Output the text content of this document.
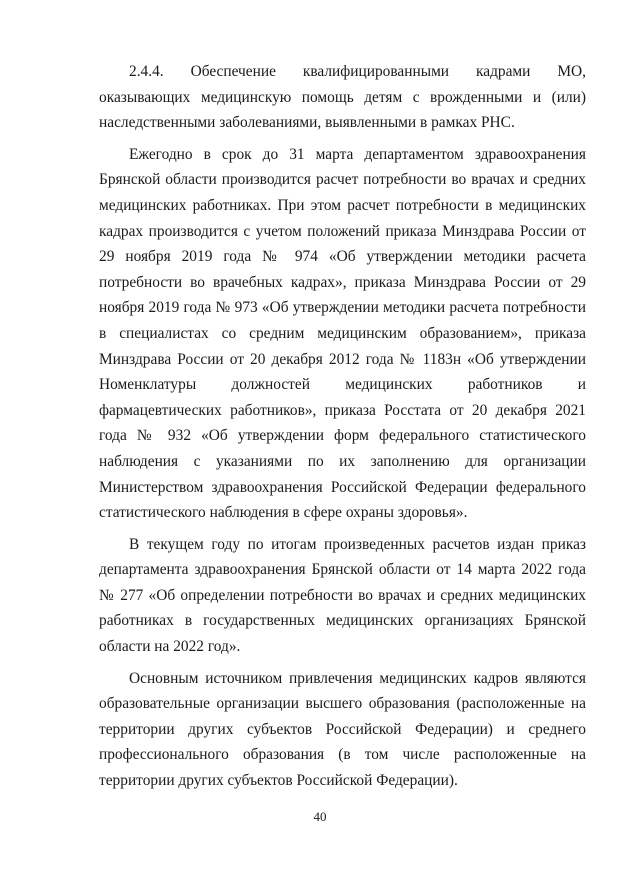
2.4.4. Обеспечение квалифицированными кадрами МО, оказывающих медицинскую помощь детям с врожденными и (или) наследственными заболеваниями, выявленными в рамках РНС.

Ежегодно в срок до 31 марта департаментом здравоохранения Брянской области производится расчет потребности во врачах и средних медицинских работниках. При этом расчет потребности в медицинских кадрах производится с учетом положений приказа Минздрава России от 29 ноября 2019 года № 974 «Об утверждении методики расчета потребности во врачебных кадрах», приказа Минздрава России от 29 ноября 2019 года № 973 «Об утверждении методики расчета потребности в специалистах со средним медицинским образованием», приказа Минздрава России от 20 декабря 2012 года № 1183н «Об утверждении Номенклатуры должностей медицинских работников и фармацевтических работников», приказа Росстата от 20 декабря 2021 года № 932 «Об утверждении форм федерального статистического наблюдения с указаниями по их заполнению для организации Министерством здравоохранения Российской Федерации федерального статистического наблюдения в сфере охраны здоровья».

В текущем году по итогам произведенных расчетов издан приказ департамента здравоохранения Брянской области от 14 марта 2022 года № 277 «Об определении потребности во врачах и средних медицинских работниках в государственных медицинских организациях Брянской области на 2022 год».

Основным источником привлечения медицинских кадров являются образовательные организации высшего образования (расположенные на территории других субъектов Российской Федерации) и среднего профессионального образования (в том числе расположенные на территории других субъектов Российской Федерации).

40
